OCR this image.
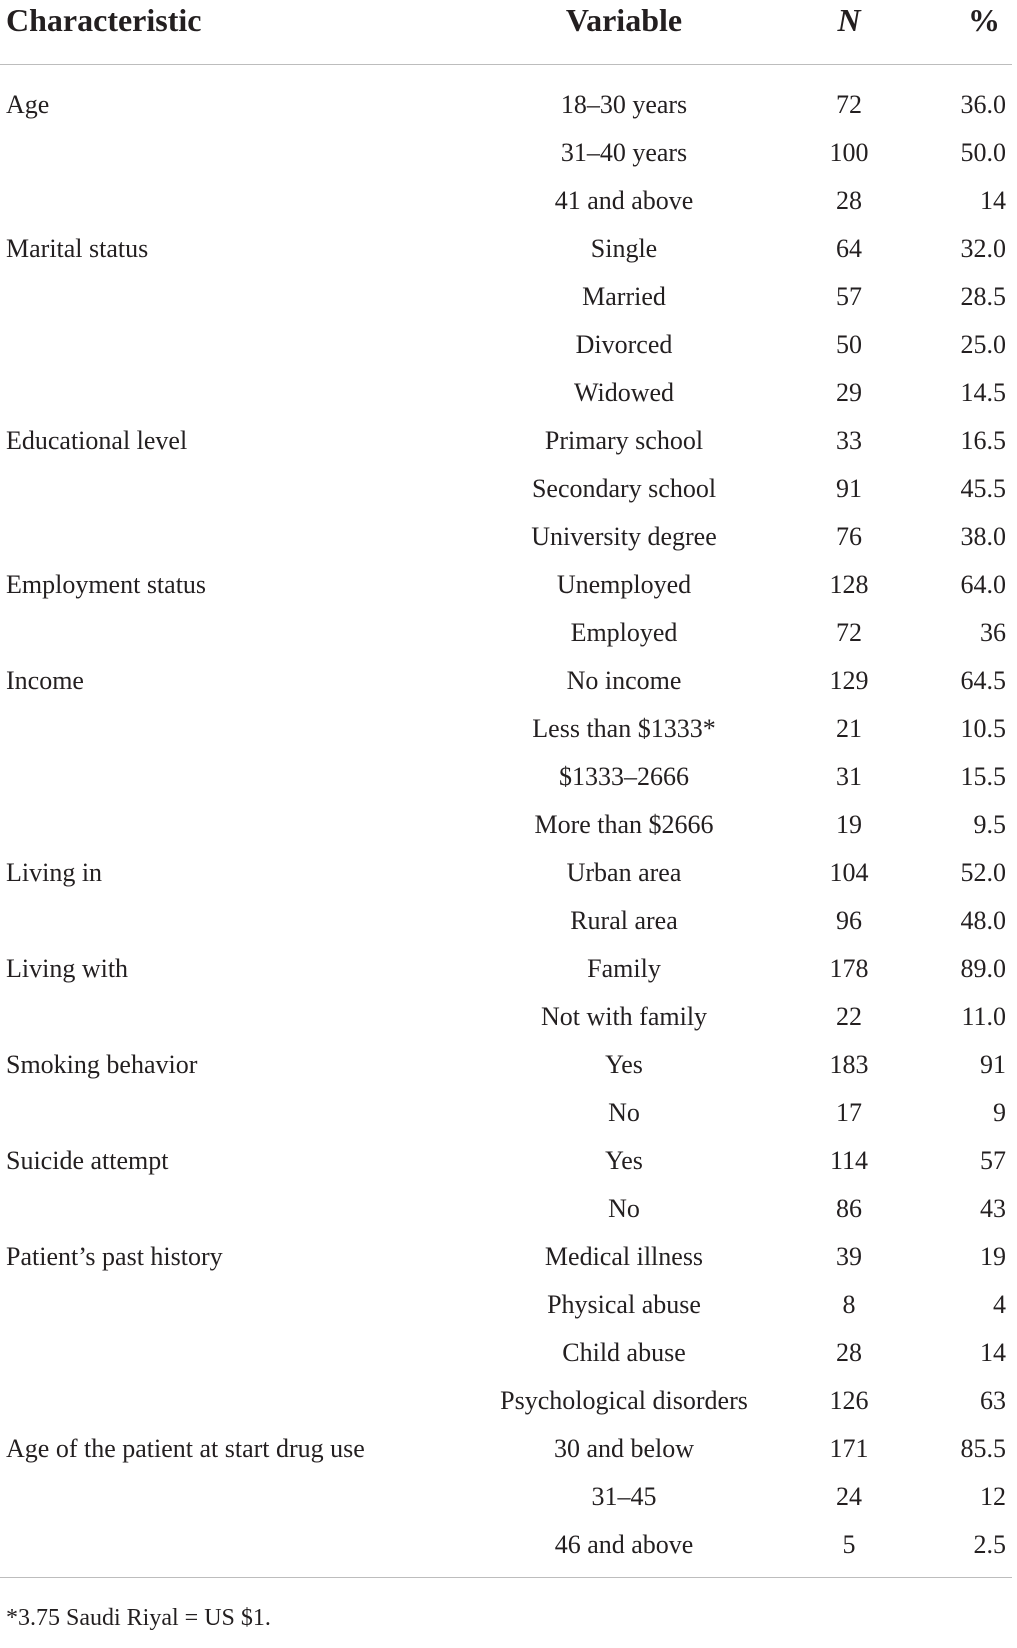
Characteristic	Variable	N	%

Age	18–30 years	72	36.0
	31–40 years	100	50.0
	41 and above	28	14
Marital status	Single	64	32.0
	Married	57	28.5
	Divorced	50	25.0
	Widowed	29	14.5
Educational level	Primary school	33	16.5
	Secondary school	91	45.5
	University degree	76	38.0
Employment status	Unemployed	128	64.0
	Employed	72	36
Income	No income	129	64.5
	Less than $1333*	21	10.5
	$1333–2666	31	15.5
	More than $2666	19	9.5
Living in	Urban area	104	52.0
	Rural area	96	48.0
Living with	Family	178	89.0
	Not with family	22	11.0
Smoking behavior	Yes	183	91
	No	17	9
Suicide attempt	Yes	114	57
	No	86	43
Patient’s past history	Medical illness	39	19
	Physical abuse	8	4
	Child abuse	28	14
	Psychological disorders	126	63
Age of the patient at start drug use	30 and below	171	85.5
	31–45	24	12
	46 and above	5	2.5

*3.75 Saudi Riyal = US $1.
